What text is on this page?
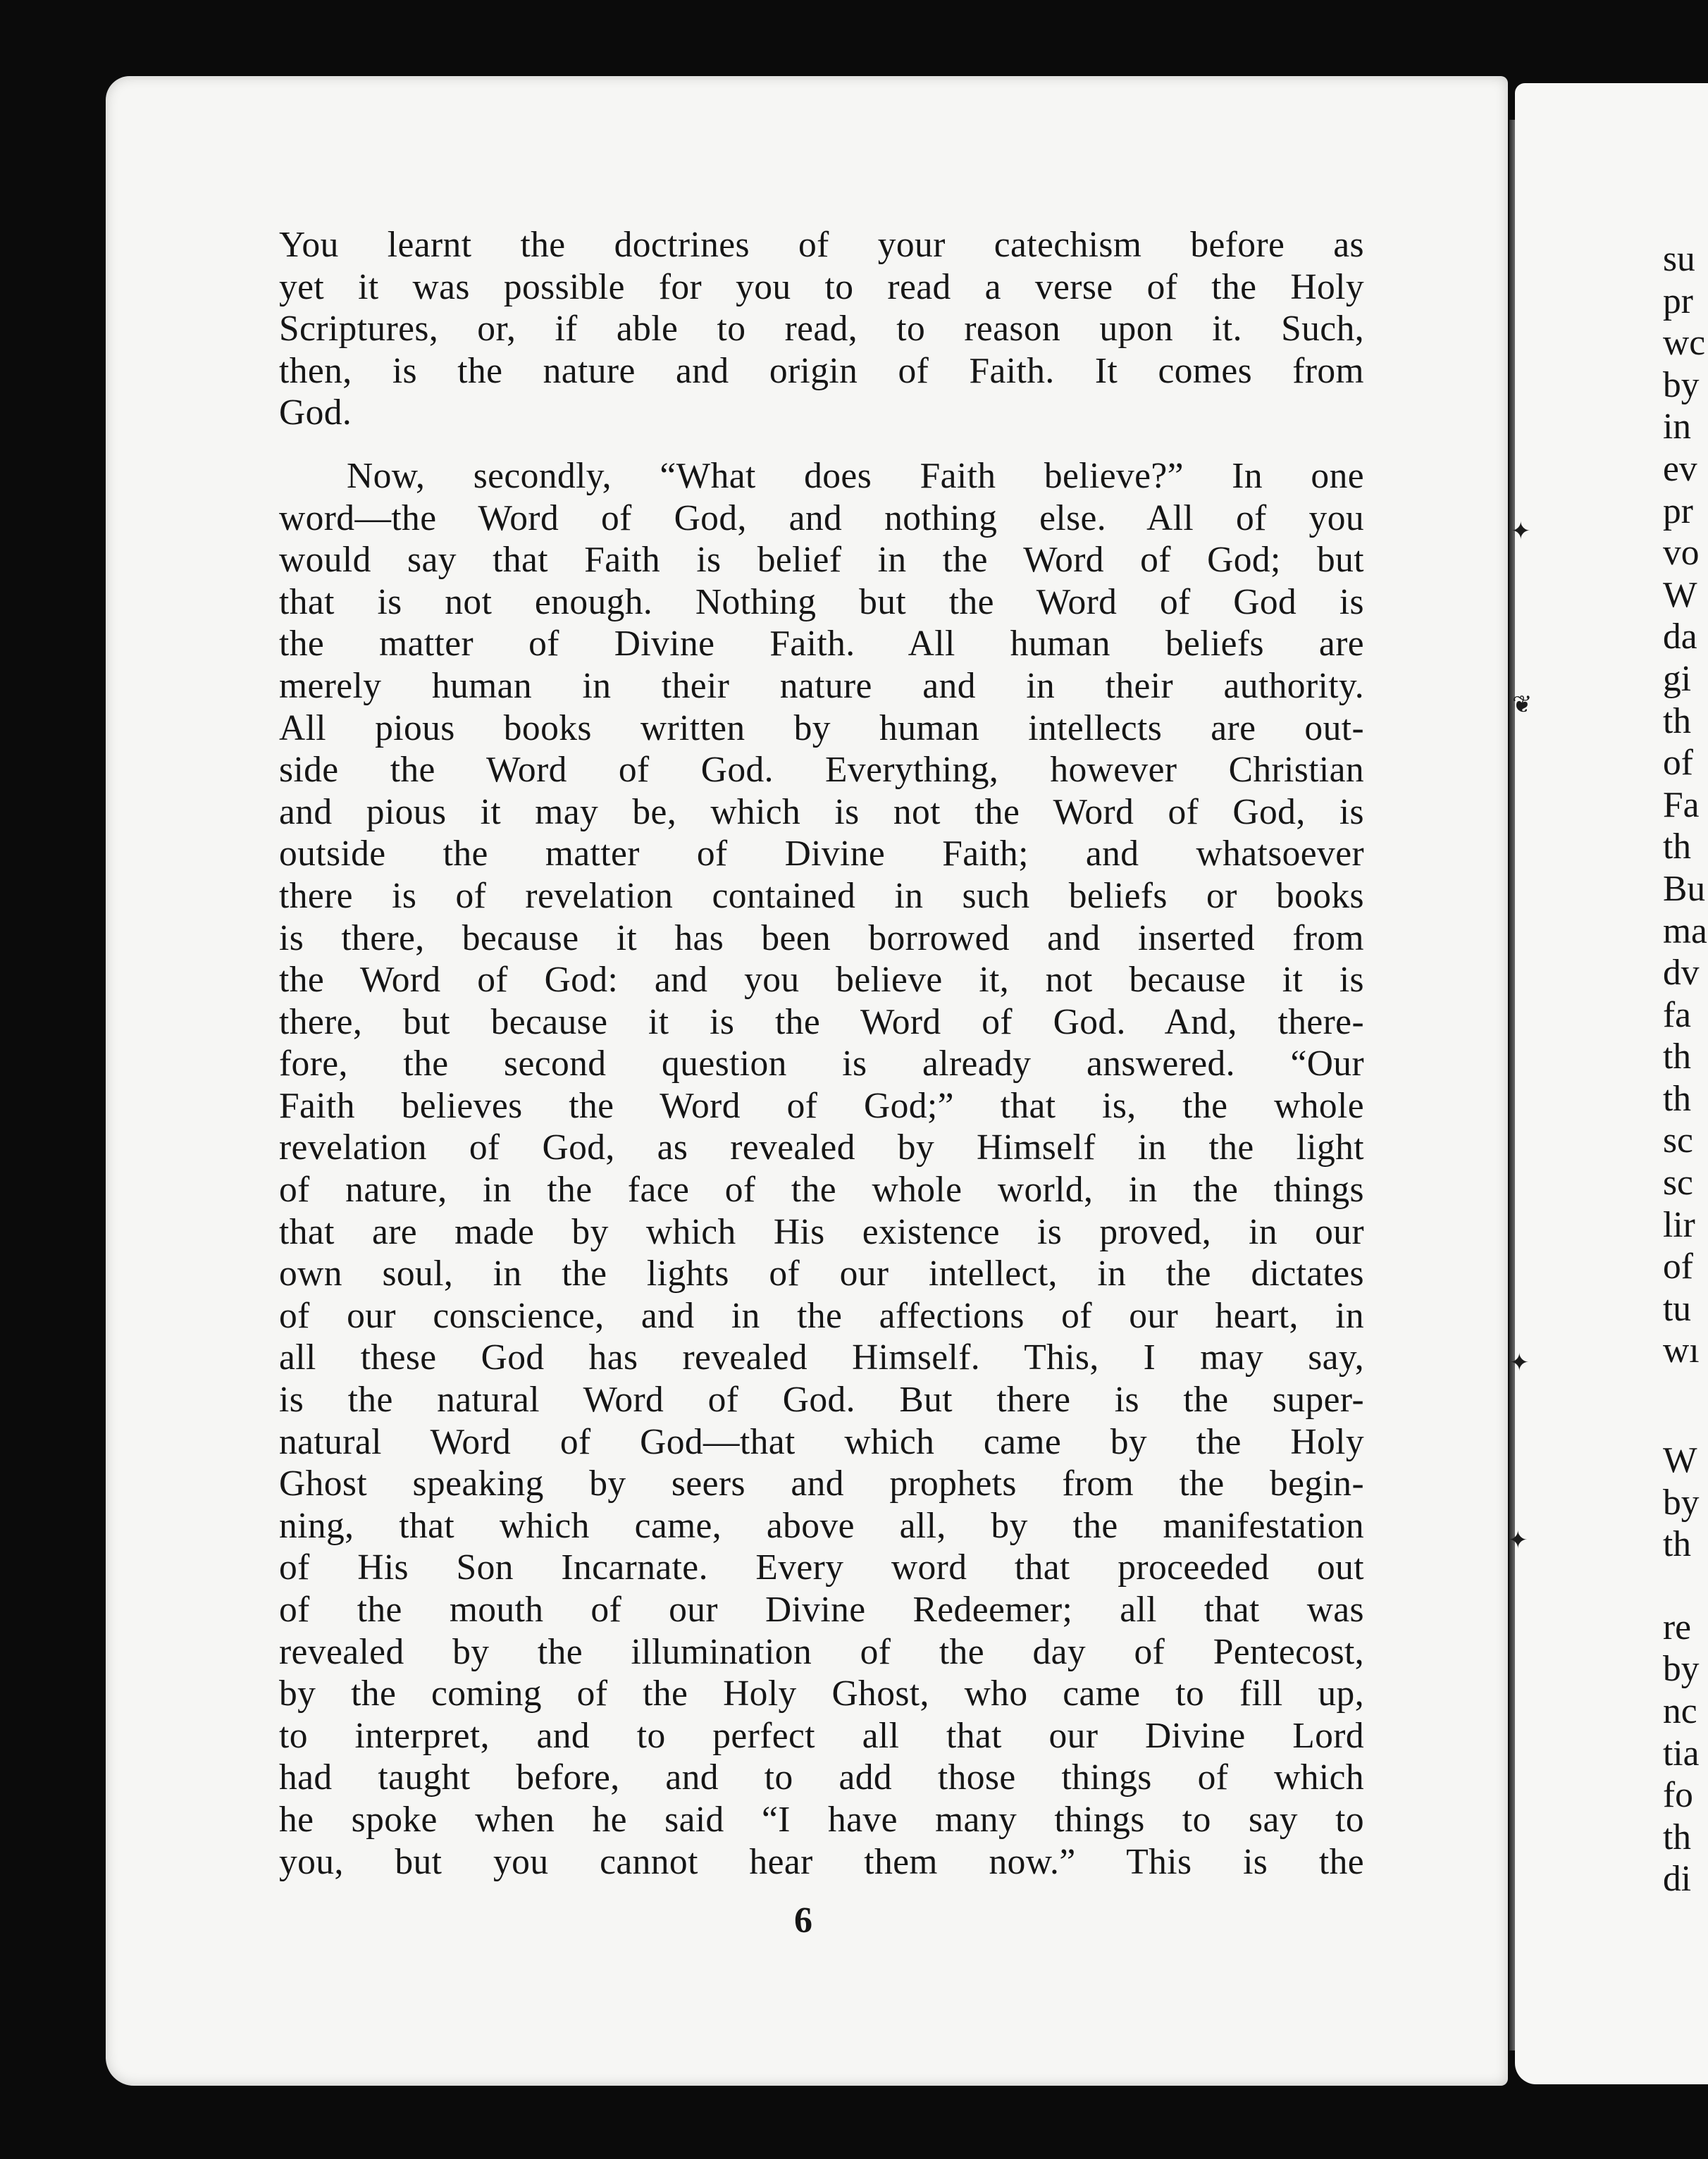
✦
❦
✦
✦
You learnt the doctrines of your catechism before as
yet it was possible for you to read a verse of the Holy
Scriptures, or, if able to read, to reason upon it. Such,
then, is the nature and origin of Faith. It comes from
God.
Now, secondly, “What does Faith believe?” In one
word—the Word of God, and nothing else. All of you
would say that Faith is belief in the Word of God; but
that is not enough. Nothing but the Word of God is
the matter of Divine Faith. All human beliefs are
merely human in their nature and in their authority.
All pious books written by human intellects are out-
side the Word of God. Everything, however Christian
and pious it may be, which is not the Word of God, is
outside the matter of Divine Faith; and whatsoever
there is of revelation contained in such beliefs or books
is there, because it has been borrowed and inserted from
the Word of God: and you believe it, not because it is
there, but because it is the Word of God. And, there-
fore, the second question is already answered. “Our
Faith believes the Word of God;” that is, the whole
revelation of God, as revealed by Himself in the light
of nature, in the face of the whole world, in the things
that are made by which His existence is proved, in our
own soul, in the lights of our intellect, in the dictates
of our conscience, and in the affections of our heart, in
all these God has revealed Himself. This, I may say,
is the natural Word of God. But there is the super-
natural Word of God—that which came by the Holy
Ghost speaking by seers and prophets from the begin-
ning, that which came, above all, by the manifestation
of His Son Incarnate. Every word that proceeded out
of the mouth of our Divine Redeemer; all that was
revealed by the illumination of the day of Pentecost,
by the coming of the Holy Ghost, who came to fill up,
to interpret, and to perfect all that our Divine Lord
had taught before, and to add those things of which
he spoke when he said “I have many things to say to
you, but you cannot hear them now.” This is the
6
su
pr
wc
by
in
ev
pr
vo
W
da
gi
th
of
Fa
th
Bu
ma
dv
fa
th
th
sc
sc
lir
of
tu
wı
W
by
th
re
by
nc
tia
fo
th
di
